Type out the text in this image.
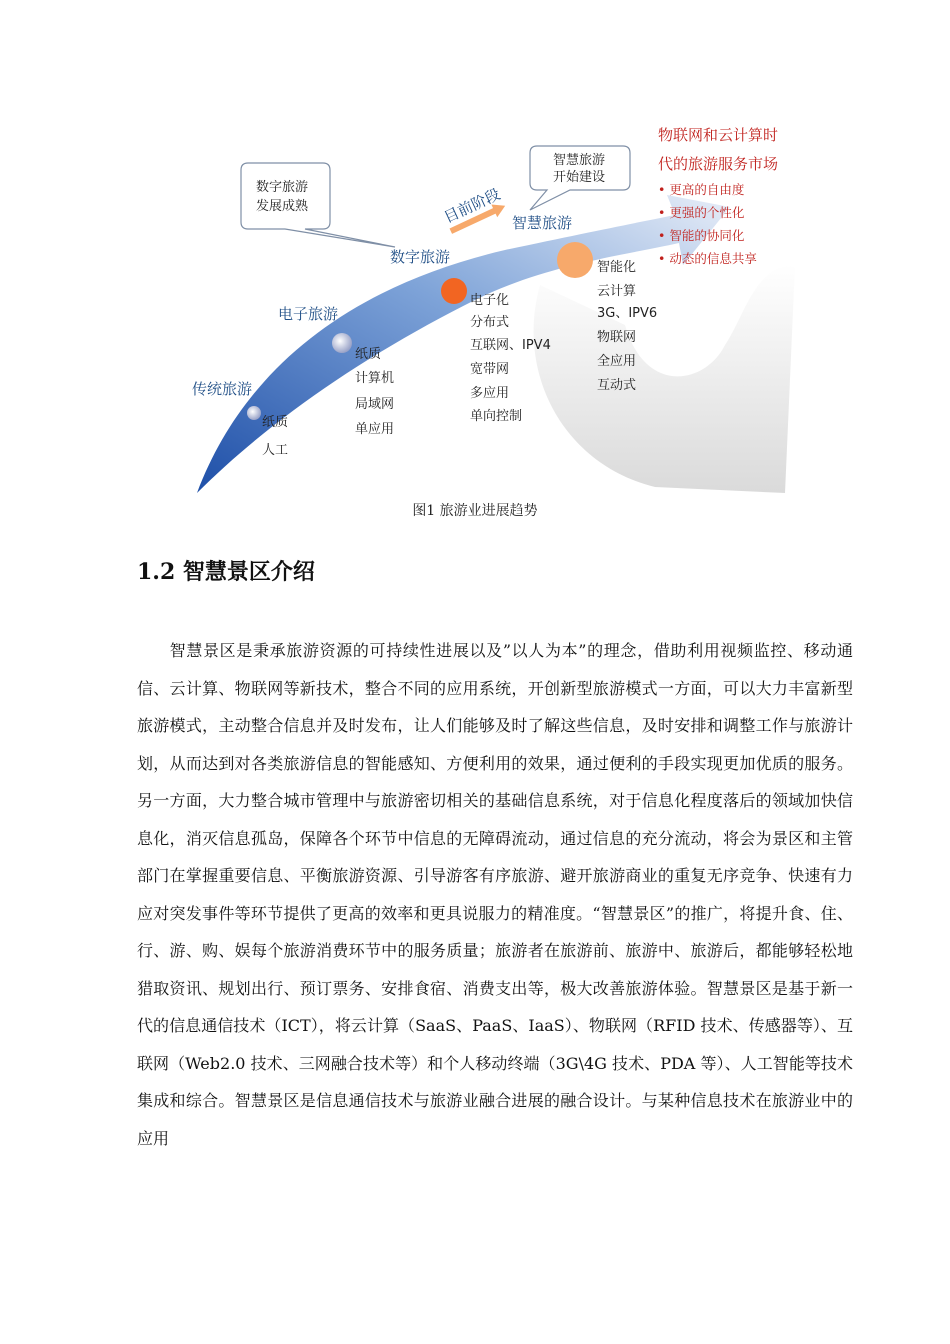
传统旅游
电子旅游
数字旅游
智慧旅游
目前阶段
数字旅游
发展成熟
智慧旅游
开始建设
纸质
人工
纸质
计算机
局域网
单应用
电子化
分布式
互联网、IPV4
宽带网
多应用
单向控制
智能化
云计算
3G、IPV6
物联网
全应用
互动式
物联网和云计算时
代的旅游服务市场
• 更高的自由度
• 更强的个性化
• 智能的协同化
• 动态的信息共享
图1 旅游业进展趋势
1.2 智慧景区介绍

智慧景区是秉承旅游资源的可持续性进展以及”以人为本”的理念，借助利用视频监控、移动通信、云计算、物联网等新技术，整合不同的应用系统，开创新型旅游模式一方面，可以大力丰富新型旅游模式，主动整合信息并及时发布，让人们能够及时了解这些信息，及时安排和调整工作与旅游计划，从而达到对各类旅游信息的智能感知、方便利用的效果，通过便利的手段实现更加优质的服务。另一方面，大力整合城市管理中与旅游密切相关的基础信息系统，对于信息化程度落后的领域加快信息化，消灭信息孤岛，保障各个环节中信息的无障碍流动，通过信息的充分流动，将会为景区和主管部门在掌握重要信息、平衡旅游资源、引导游客有序旅游、避开旅游商业的重复无序竞争、快速有力应对突发事件等环节提供了更高的效率和更具说服力的精准度。“智慧景区”的推广，将提升食、住、行、游、购、娱每个旅游消费环节中的服务质量；旅游者在旅游前、旅游中、旅游后，都能够轻松地猎取资讯、规划出行、预订票务、安排食宿、消费支出等，极大改善旅游体验。智慧景区是基于新一代的信息通信技术（ICT），将云计算（SaaS、PaaS、IaaS）、物联网（RFID 技术、传感器等）、互联网（Web2.0 技术、三网融合技术等）和个人移动终端（3G\4G 技术、PDA 等）、人工智能等技术集成和综合。智慧景区是信息通信技术与旅游业融合进展的融合设计。与某种信息技术在旅游业中的应用
